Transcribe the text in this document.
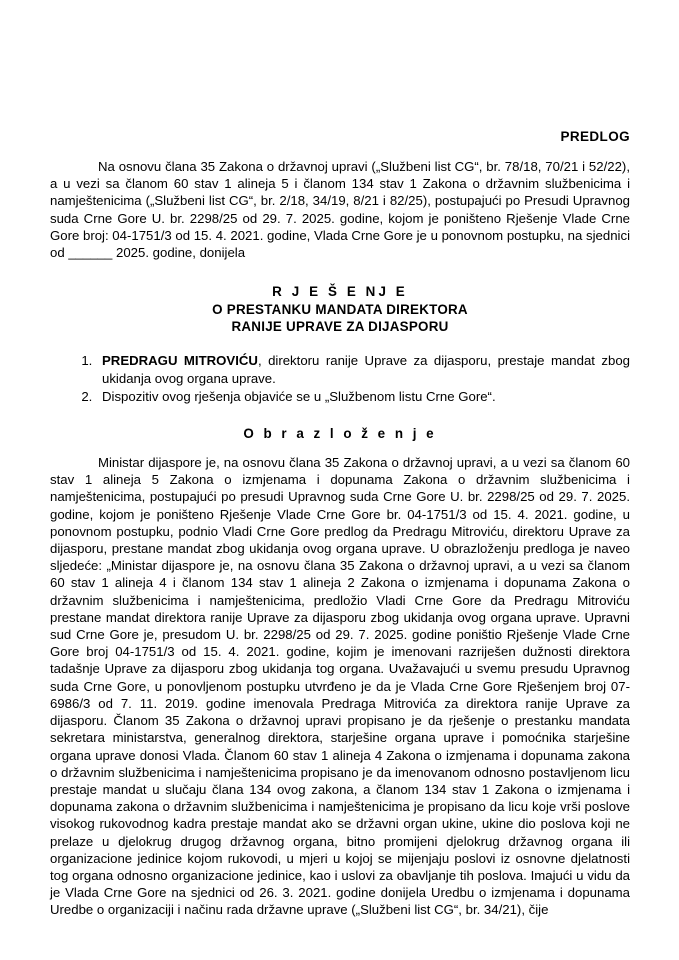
PREDLOG

Na osnovu člana 35 Zakona o državnoj upravi („Službeni list CG“, br. 78/18, 70/21 i 52/22), a u vezi sa članom 60 stav 1 alineja 5 i članom 134 stav 1 Zakona o državnim službenicima i namještenicima („Službeni list CG“, br. 2/18, 34/19, 8/21 i 82/25), postupajući po Presudi Upravnog suda Crne Gore U. br. 2298/25 od 29. 7. 2025. godine, kojom je poništeno Rješenje Vlade Crne Gore broj: 04-1751/3 od 15. 4. 2021. godine, Vlada Crne Gore je u ponovnom postupku, na sjednici od ______ 2025. godine, donijela

R J E Š E NJ E
O PRESTANKU MANDATA DIREKTORA
RANIJE UPRAVE ZA DIJASPORU
1. PREDRAGU MITROVIĆU, direktoru ranije Uprave za dijasporu, prestaje mandat zbog ukidanja ovog organa uprave.
2. Dispozitiv ovog rješenja objaviće se u „Službenom listu Crne Gore“.
O b r a z l o ž e n j e

Ministar dijaspore je, na osnovu člana 35 Zakona o državnoj upravi, a u vezi sa članom 60 stav 1 alineja 5 Zakona o izmjenama i dopunama Zakona o državnim službenicima i namještenicima, postupajući po presudi Upravnog suda Crne Gore U. br. 2298/25 od 29. 7. 2025. godine, kojom je poništeno Rješenje Vlade Crne Gore br. 04-1751/3 od 15. 4. 2021. godine, u ponovnom postupku, podnio Vladi Crne Gore predlog da Predragu Mitroviću, direktoru Uprave za dijasporu, prestane mandat zbog ukidanja ovog organa uprave. U obrazloženju predloga je naveo sljedeće: „Ministar dijaspore je, na osnovu člana 35 Zakona o državnoj upravi, a u vezi sa članom 60 stav 1 alineja 4 i članom 134 stav 1 alineja 2 Zakona o izmjenama i dopunama Zakona o državnim službenicima i namještenicima, predložio Vladi Crne Gore da Predragu Mitroviću prestane mandat direktora ranije Uprave za dijasporu zbog ukidanja ovog organa uprave. Upravni sud Crne Gore je, presudom U. br. 2298/25 od 29. 7. 2025. godine poništio Rješenje Vlade Crne Gore broj 04-1751/3 od 15. 4. 2021. godine, kojim je imenovani razriješen dužnosti direktora tadašnje Uprave za dijasporu zbog ukidanja tog organa. Uvažavajući u svemu presudu Upravnog suda Crne Gore, u ponovljenom postupku utvrđeno je da je Vlada Crne Gore Rješenjem broj 07-6986/3 od 7. 11. 2019. godine imenovala Predraga Mitrovića za direktora ranije Uprave za dijasporu. Članom 35 Zakona o državnoj upravi propisano je da rješenje o prestanku mandata sekretara ministarstva, generalnog direktora, starješine organa uprave i pomoćnika starješine organa uprave donosi Vlada. Članom 60 stav 1 alineja 4 Zakona o izmjenama i dopunama zakona o državnim službenicima i namještenicima propisano je da imenovanom odnosno postavljenom licu prestaje mandat u slučaju člana 134 ovog zakona, a članom 134 stav 1 Zakona o izmjenama i dopunama zakona o državnim službenicima i namještenicima je propisano da licu koje vrši poslove visokog rukovodnog kadra prestaje mandat ako se državni organ ukine, ukine dio poslova koji ne prelaze u djelokrug drugog državnog organa, bitno promijeni djelokrug državnog organa ili organizacione jedinice kojom rukovodi, u mjeri u kojoj se mijenjaju poslovi iz osnovne djelatnosti tog organa odnosno organizacione jedinice, kao i uslovi za obavljanje tih poslova. Imajući u vidu da je Vlada Crne Gore na sjednici od 26. 3. 2021. godine donijela Uredbu o izmjenama i dopunama Uredbe o organizaciji i načinu rada državne uprave („Službeni list CG“, br. 34/21), čije
